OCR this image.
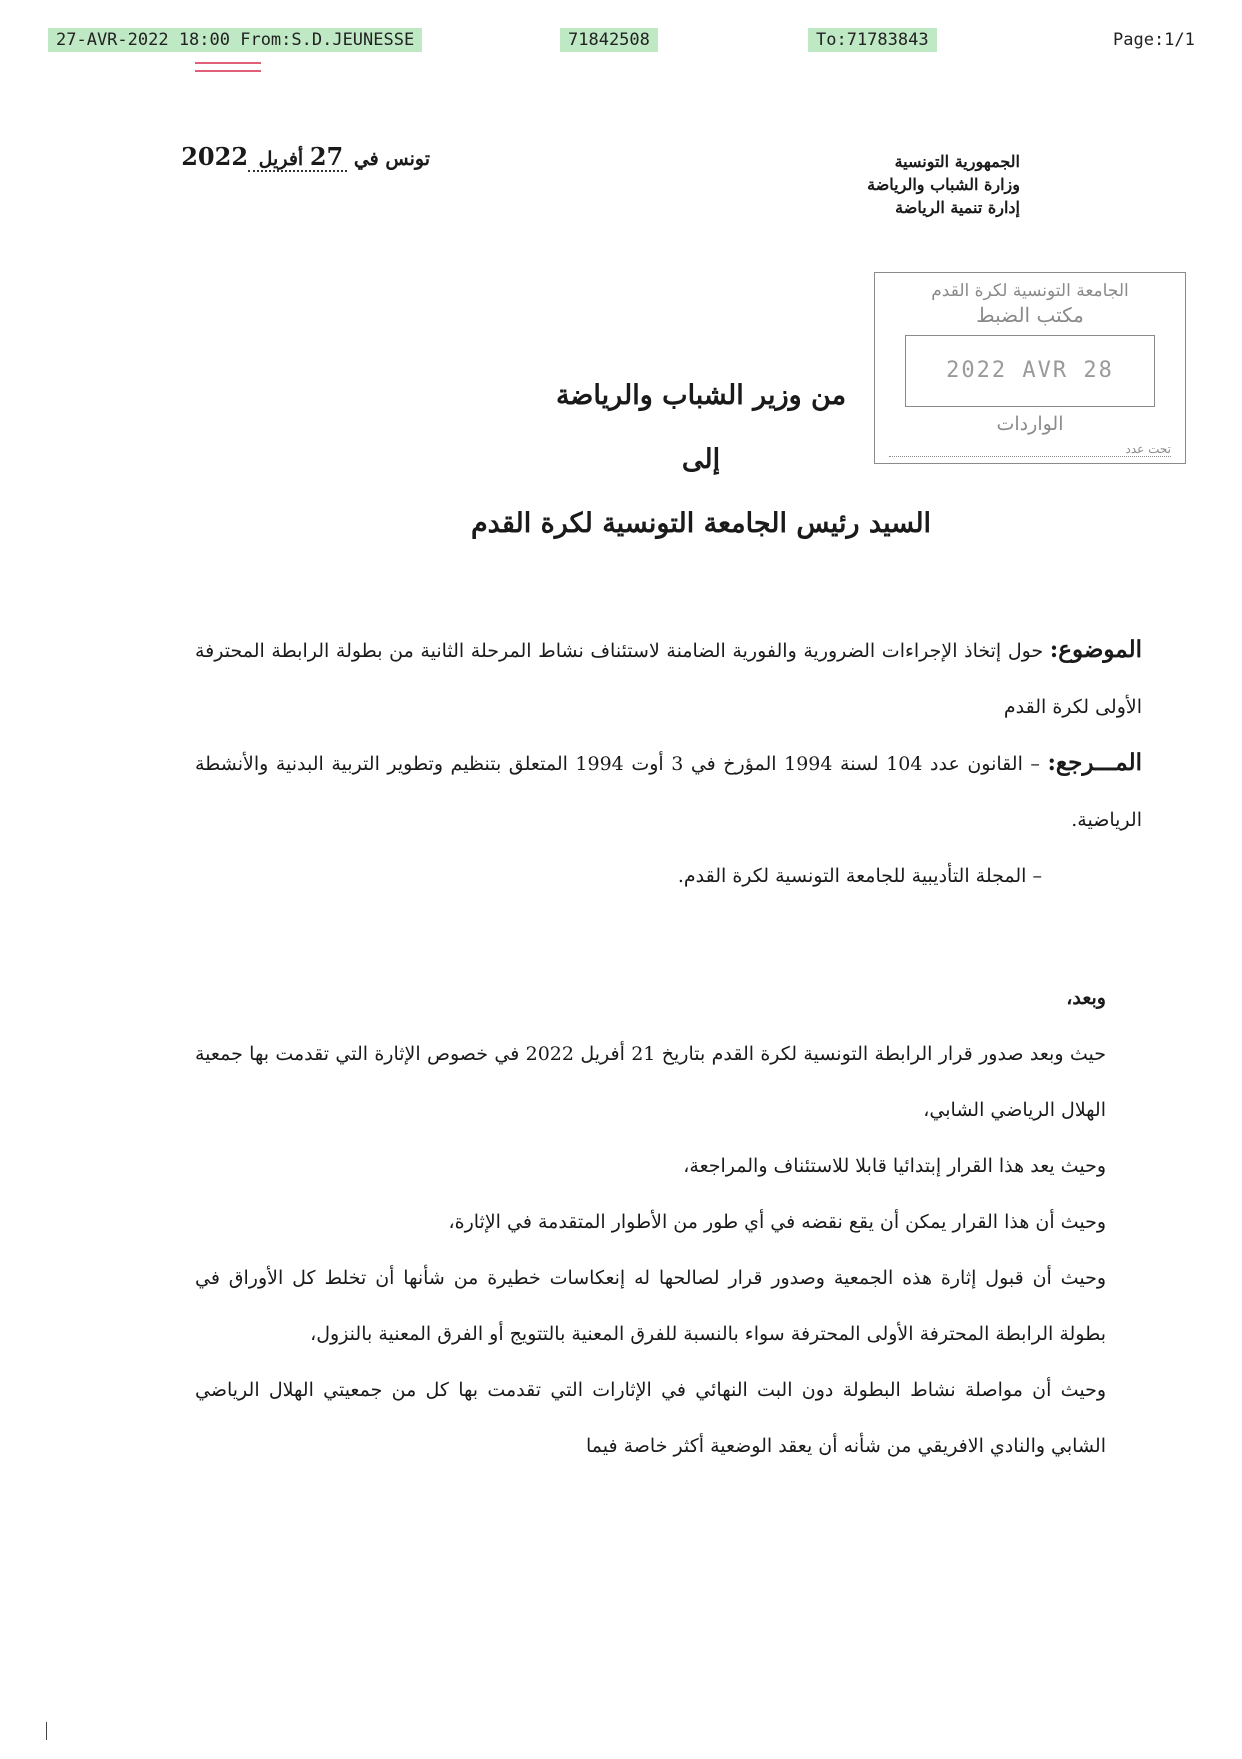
27-AVR-2022 18:00 From:S.D.JEUNESSE	71842508	To:71783843	Page:1/1
تونس في 27 أفريل 2022	الجمهورية التونسية
وزارة الشباب والرياضة
إدارة تنمية الرياضة
الجامعة التونسية لكرة القدم
مكتب الضبط
2022 AVR 28
الواردات
تحت عدد
من وزير الشباب والرياضة
إلى
السيد رئيس الجامعة التونسية لكرة القدم

الموضوع: حول إتخاذ الإجراءات الضرورية والفورية الضامنة لاستئناف نشاط المرحلة الثانية من بطولة الرابطة المحترفة الأولى لكرة القدم

المـــرجع: – القانون عدد 104 لسنة 1994 المؤرخ في 3 أوت 1994 المتعلق بتنظيم وتطوير التربية البدنية والأنشطة الرياضية.

– المجلة التأديبية للجامعة التونسية لكرة القدم.

وبعد،

حيث وبعد صدور قرار الرابطة التونسية لكرة القدم بتاريخ 21 أفريل 2022 في خصوص الإثارة التي تقدمت بها جمعية الهلال الرياضي الشابي،

وحيث يعد هذا القرار إبتدائيا قابلا للاستئناف والمراجعة،

وحيث أن هذا القرار يمكن أن يقع نقضه في أي طور من الأطوار المتقدمة في الإثارة،

وحيث أن قبول إثارة هذه الجمعية وصدور قرار لصالحها له إنعكاسات خطيرة من شأنها أن تخلط كل الأوراق في بطولة الرابطة المحترفة الأولى المحترفة سواء بالنسبة للفرق المعنية بالتتويج أو الفرق المعنية بالنزول،

وحيث أن مواصلة نشاط البطولة دون البت النهائي في الإثارات التي تقدمت بها كل من جمعيتي الهلال الرياضي الشابي والنادي الافريقي من شأنه أن يعقد الوضعية أكثر خاصة فيما
